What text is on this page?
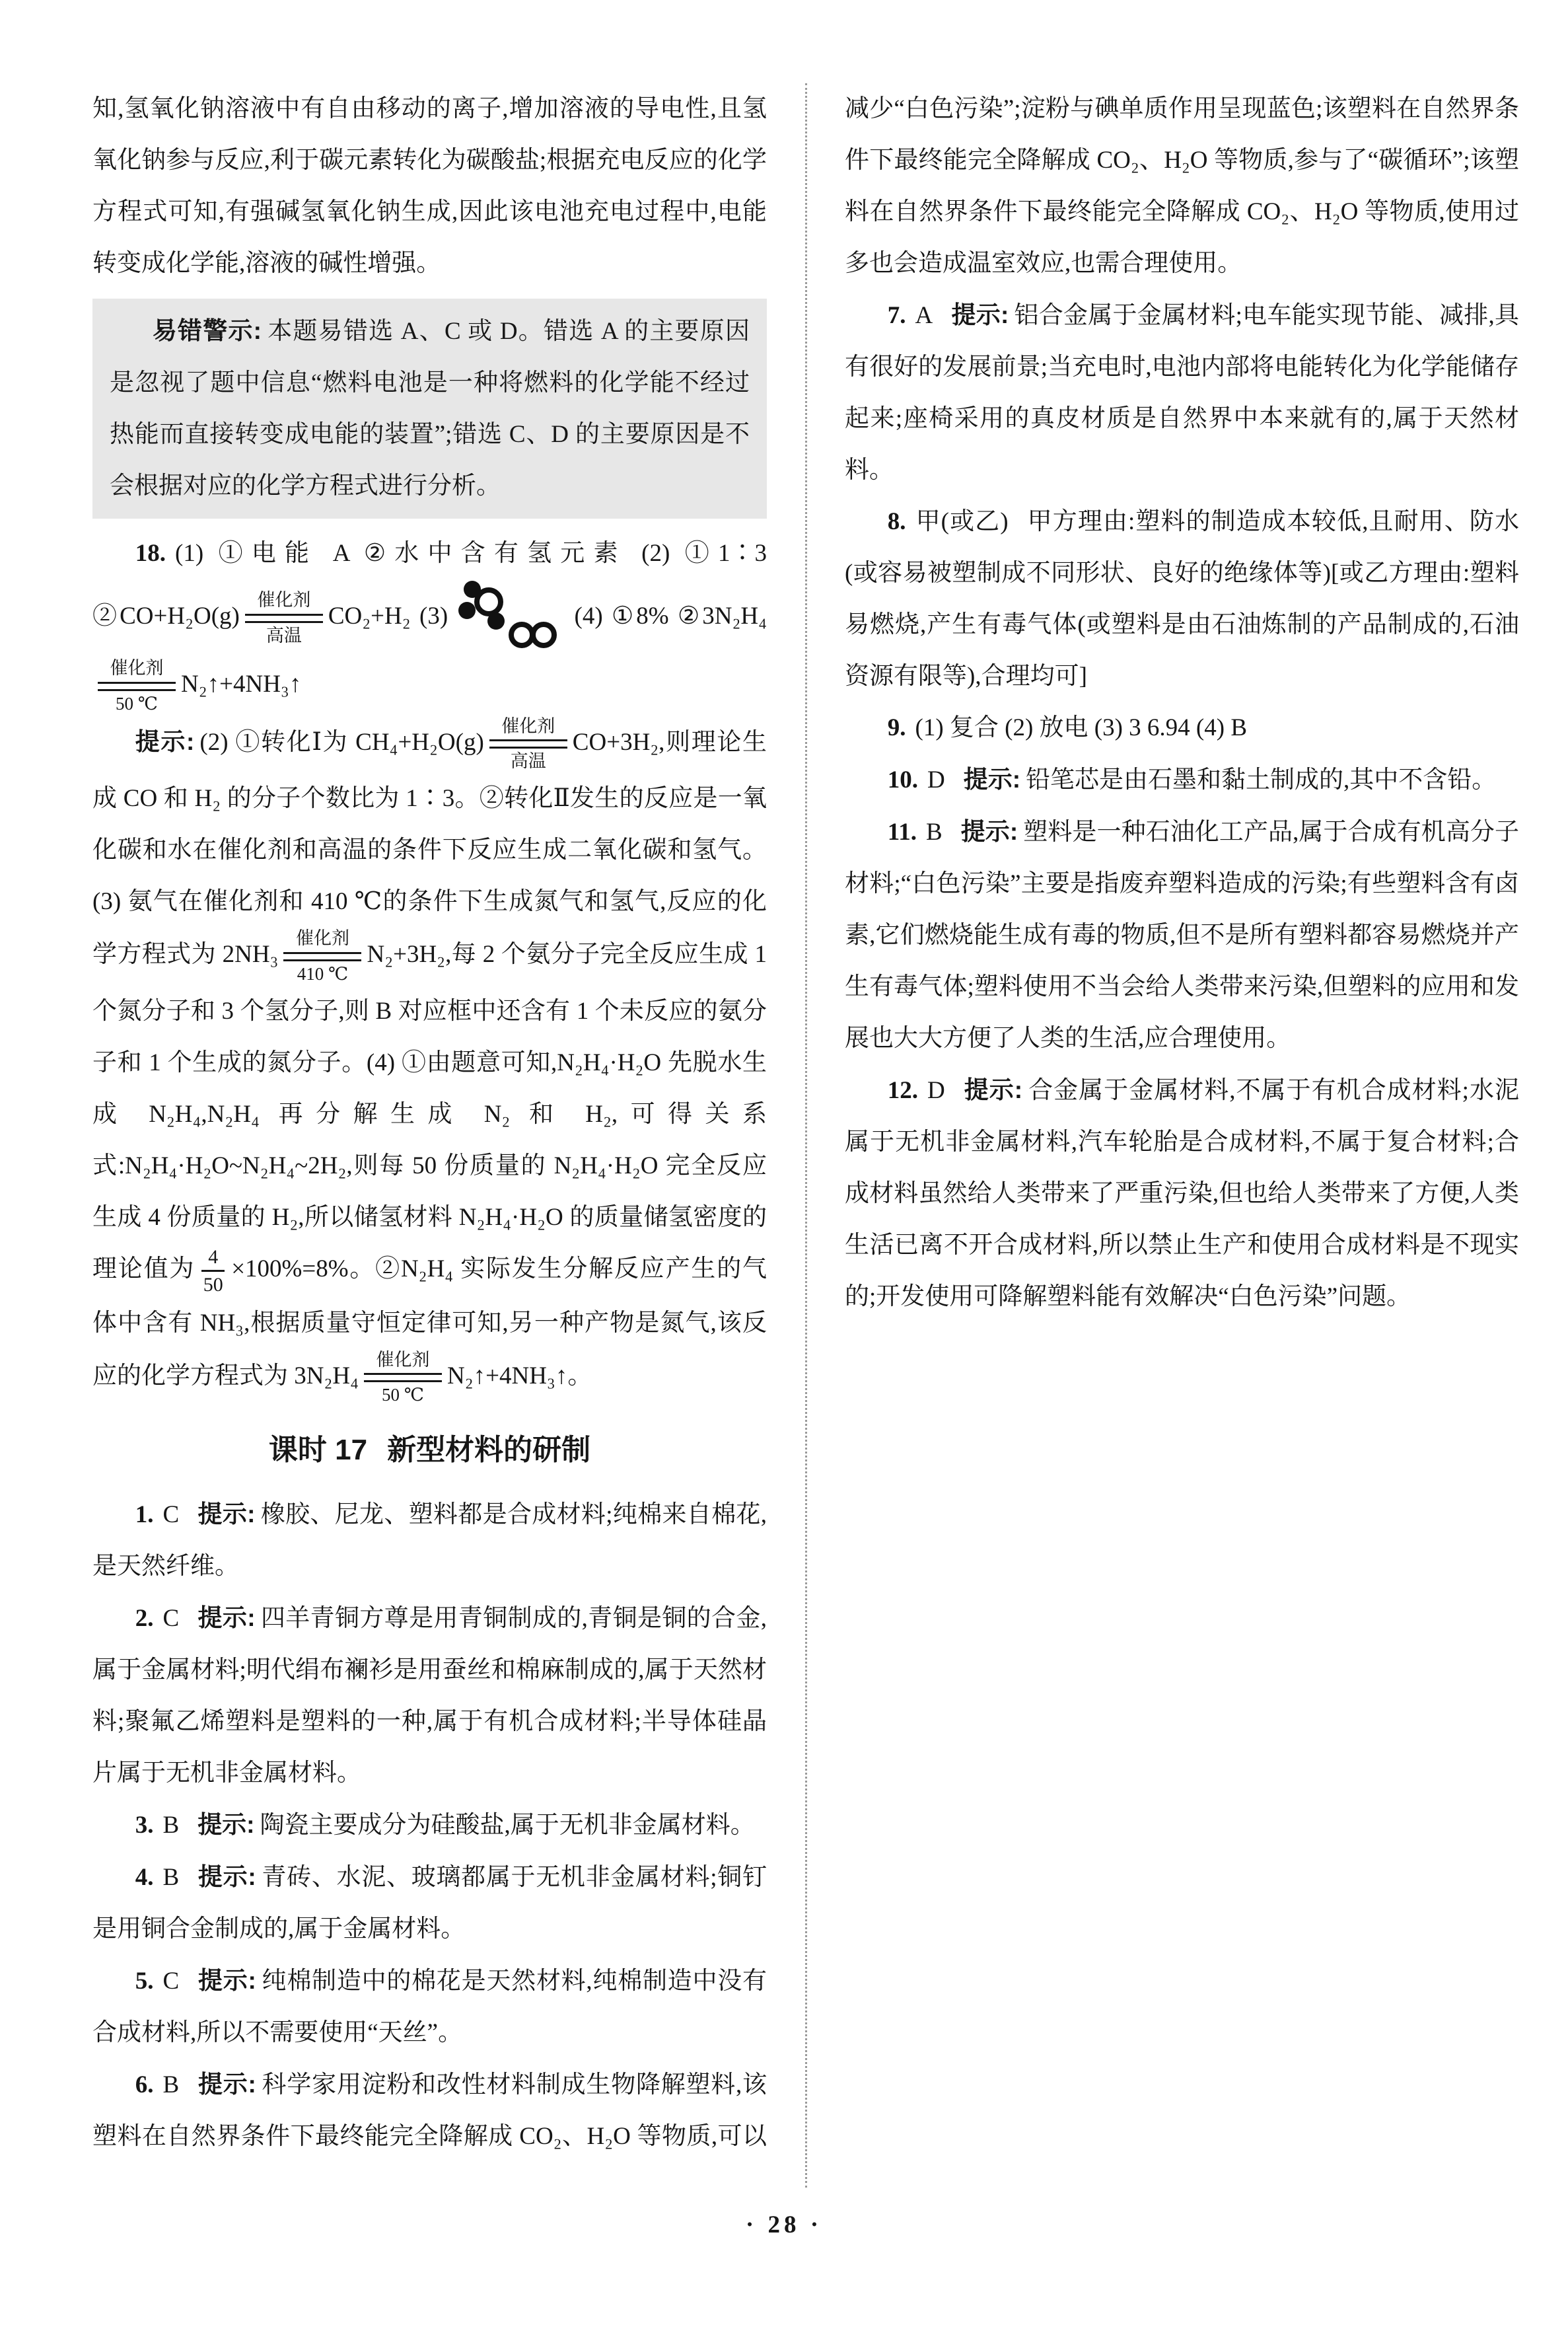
知,氢氧化钠溶液中有自由移动的离子,增加溶液的导电性,且氢氧化钠参与反应,利于碳元素转化为碳酸盐;根据充电反应的化学方程式可知,有强碱氢氧化钠生成,因此该电池充电过程中,电能转变成化学能,溶液的碱性增强。

易错警示: 本题易错选 A、C 或 D。错选 A 的主要原因是忽视了题中信息“燃料电池是一种将燃料的化学能不经过热能而直接转变成电能的装置”;错选 C、D 的主要原因是不会根据对应的化学方程式进行分析。

18. (1) ①电能 A ②水中含有氢元素 (2) ①1∶3 ②CO+H₂O(g)
催化剂
高温
CO₂+H₂ (3)	(4) ①8% ②3N₂H₄
催化剂
50 ℃
N₂↑+4NH₃↑

提示: (2) ①转化Ⅰ为 CH₄+H₂O(g)
催化剂
高温
CO+3H₂,则理论生成 CO 和 H₂ 的分子个数比为 1∶3。②转化Ⅱ发生的反应是一氧化碳和水在催化剂和高温的条件下反应生成二氧化碳和氢气。(3) 氨气在催化剂和 410 ℃的条件下生成氮气和氢气,反应的化学方程式为 2NH₃
催化剂
410 ℃
N₂+3H₂,每 2 个氨分子完全反应生成 1 个氮分子和 3 个氢分子,则 B 对应框中还含有 1 个未反应的氨分子和 1 个生成的氮分子。(4) ①由题意可知,N₂H₄·H₂O 先脱水生成 N₂H₄,N₂H₄ 再分解生成 N₂ 和 H₂,可得关系式:N₂H₄·H₂O~N₂H₄~2H₂,则每 50 份质量的 N₂H₄·H₂O 完全反应生成 4 份质量的 H₂,所以储氢材料 N₂H₄·H₂O 的质量储氢密度的理论值为 $\frac{4}{50} \times 100\%=8\%$。②N₂H₄ 实际发生分解反应产生的气体中含有 NH₃,根据质量守恒定律可知,另一种产物是氮气,该反应的化学方程式为 3N₂H₄
催化剂
50 ℃
N₂↑+4NH₃↑。

课时 17 新型材料的研制

1. C 提示: 橡胶、尼龙、塑料都是合成材料;纯棉来自棉花,是天然纤维。

2. C 提示: 四羊青铜方尊是用青铜制成的,青铜是铜的合金,属于金属材料;明代绢布襕衫是用蚕丝和棉麻制成的,属于天然材料;聚氟乙烯塑料是塑料的一种,属于有机合成材料;半导体硅晶片属于无机非金属材料。

3. B 提示: 陶瓷主要成分为硅酸盐,属于无机非金属材料。

4. B 提示: 青砖、水泥、玻璃都属于无机非金属材料;铜钉是用铜合金制成的,属于金属材料。

5. C 提示: 纯棉制造中的棉花是天然材料,纯棉制造中没有合成材料,所以不需要使用“天丝”。

6. B 提示: 科学家用淀粉和改性材料制成生物降解塑料,该塑料在自然界条件下最终能完全降解成 CO₂、H₂O 等物质,可以减少“白色污染”;淀粉与碘单质作用呈现蓝色;该塑料在自然界条件下最终能完全降解成 CO₂、H₂O 等物质,参与了“碳循环”;该塑料在自然界条件下最终能完全降解成 CO₂、H₂O 等物质,使用过多也会造成温室效应,也需合理使用。

7. A 提示: 铝合金属于金属材料;电车能实现节能、减排,具有很好的发展前景;当充电时,电池内部将电能转化为化学能储存起来;座椅采用的真皮材质是自然界中本来就有的,属于天然材料。

8. 甲(或乙) 甲方理由:塑料的制造成本较低,且耐用、防水(或容易被塑制成不同形状、良好的绝缘体等)[或乙方理由:塑料易燃烧,产生有毒气体(或塑料是由石油炼制的产品制成的,石油资源有限等),合理均可]

9. (1) 复合 (2) 放电 (3) 3 6.94 (4) B

10. D 提示: 铅笔芯是由石墨和黏土制成的,其中不含铅。

11. B 提示: 塑料是一种石油化工产品,属于合成有机高分子材料;“白色污染”主要是指废弃塑料造成的污染;有些塑料含有卤素,它们燃烧能生成有毒的物质,但不是所有塑料都容易燃烧并产生有毒气体;塑料使用不当会给人类带来污染,但塑料的应用和发展也大大方便了人类的生活,应合理使用。

12. D 提示: 合金属于金属材料,不属于有机合成材料;水泥属于无机非金属材料,汽车轮胎是合成材料,不属于复合材料;合成材料虽然给人类带来了严重污染,但也给人类带来了方便,人类生活已离不开合成材料,所以禁止生产和使用合成材料是不现实的;开发使用可降解塑料能有效解决“白色污染”问题。

· 28 ·
